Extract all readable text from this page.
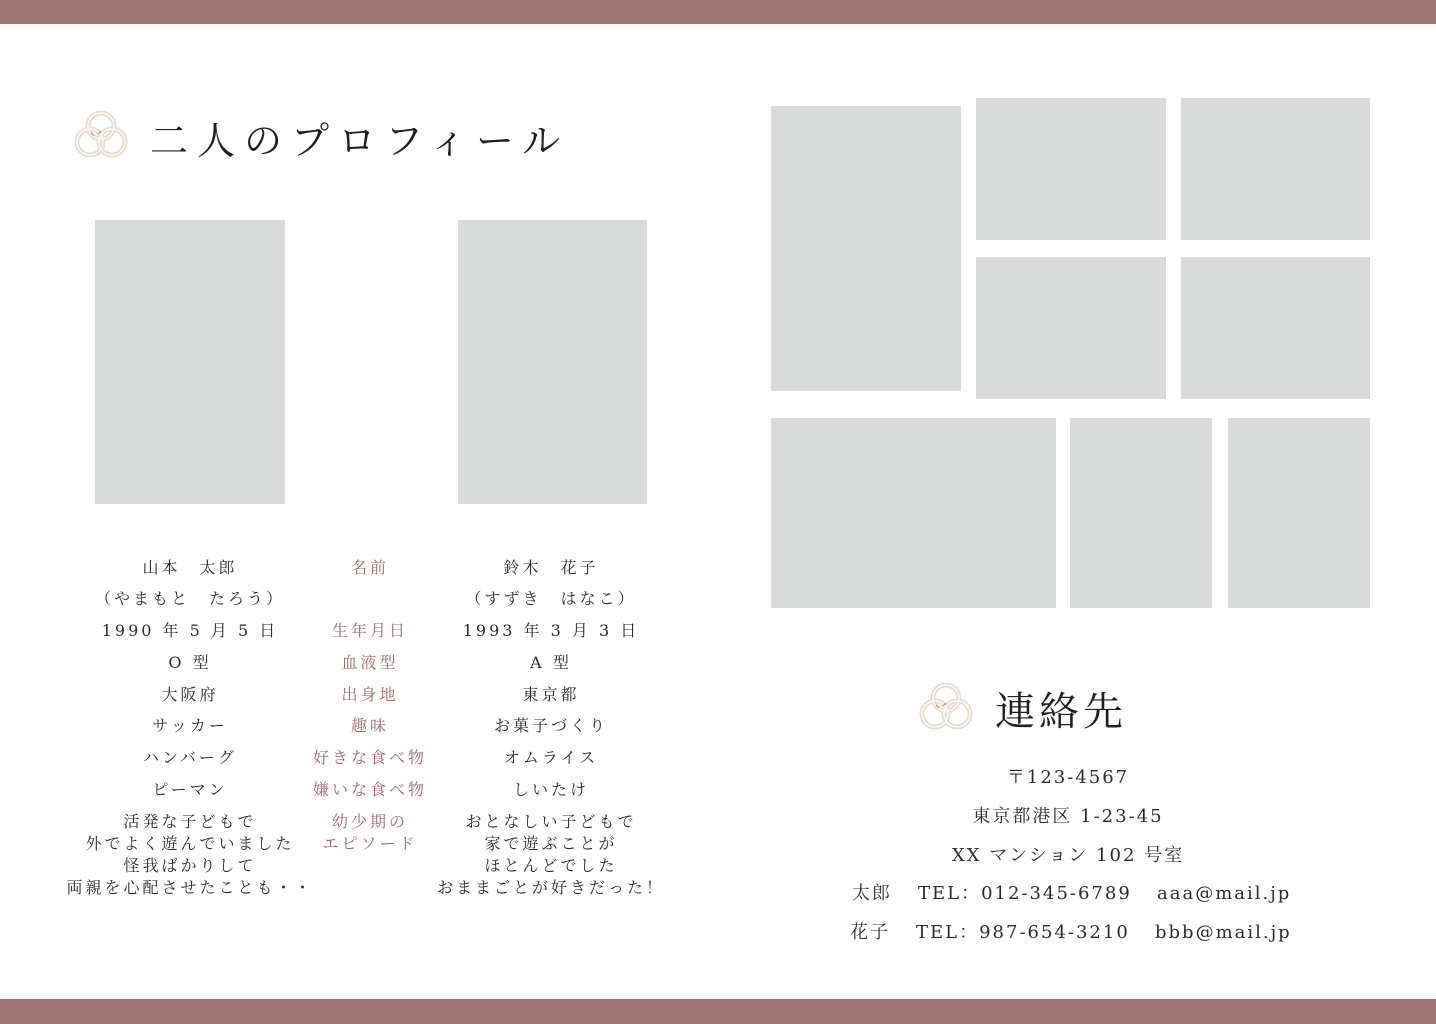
二人のプロフィール
山本　太郎
（やまもと　たろう）
1990 年 5 月 5 日
O 型
大阪府
サッカー
ハンバーグ
ピーマン
活発な子どもで
外でよく遊んでいました
怪我ばかりして
両親を心配させたことも・・
名前
生年月日
血液型
出身地
趣味
好きな食べ物
嫌いな食べ物
幼少期の
エピソード
鈴木　花子
（すずき　はなこ）
1993 年 3 月 3 日
A 型
東京都
お菓子づくり
オムライス
しいたけ
おとなしい子どもで
家で遊ぶことが
ほとんどでした
おままごとが好きだった！
連絡先
〒123-4567
東京都港区 1-23-45
XX マンション 102 号室
太郎 TEL：012-345-6789 aaa@mail.jp
花子 TEL：987-654-3210 bbb@mail.jp
